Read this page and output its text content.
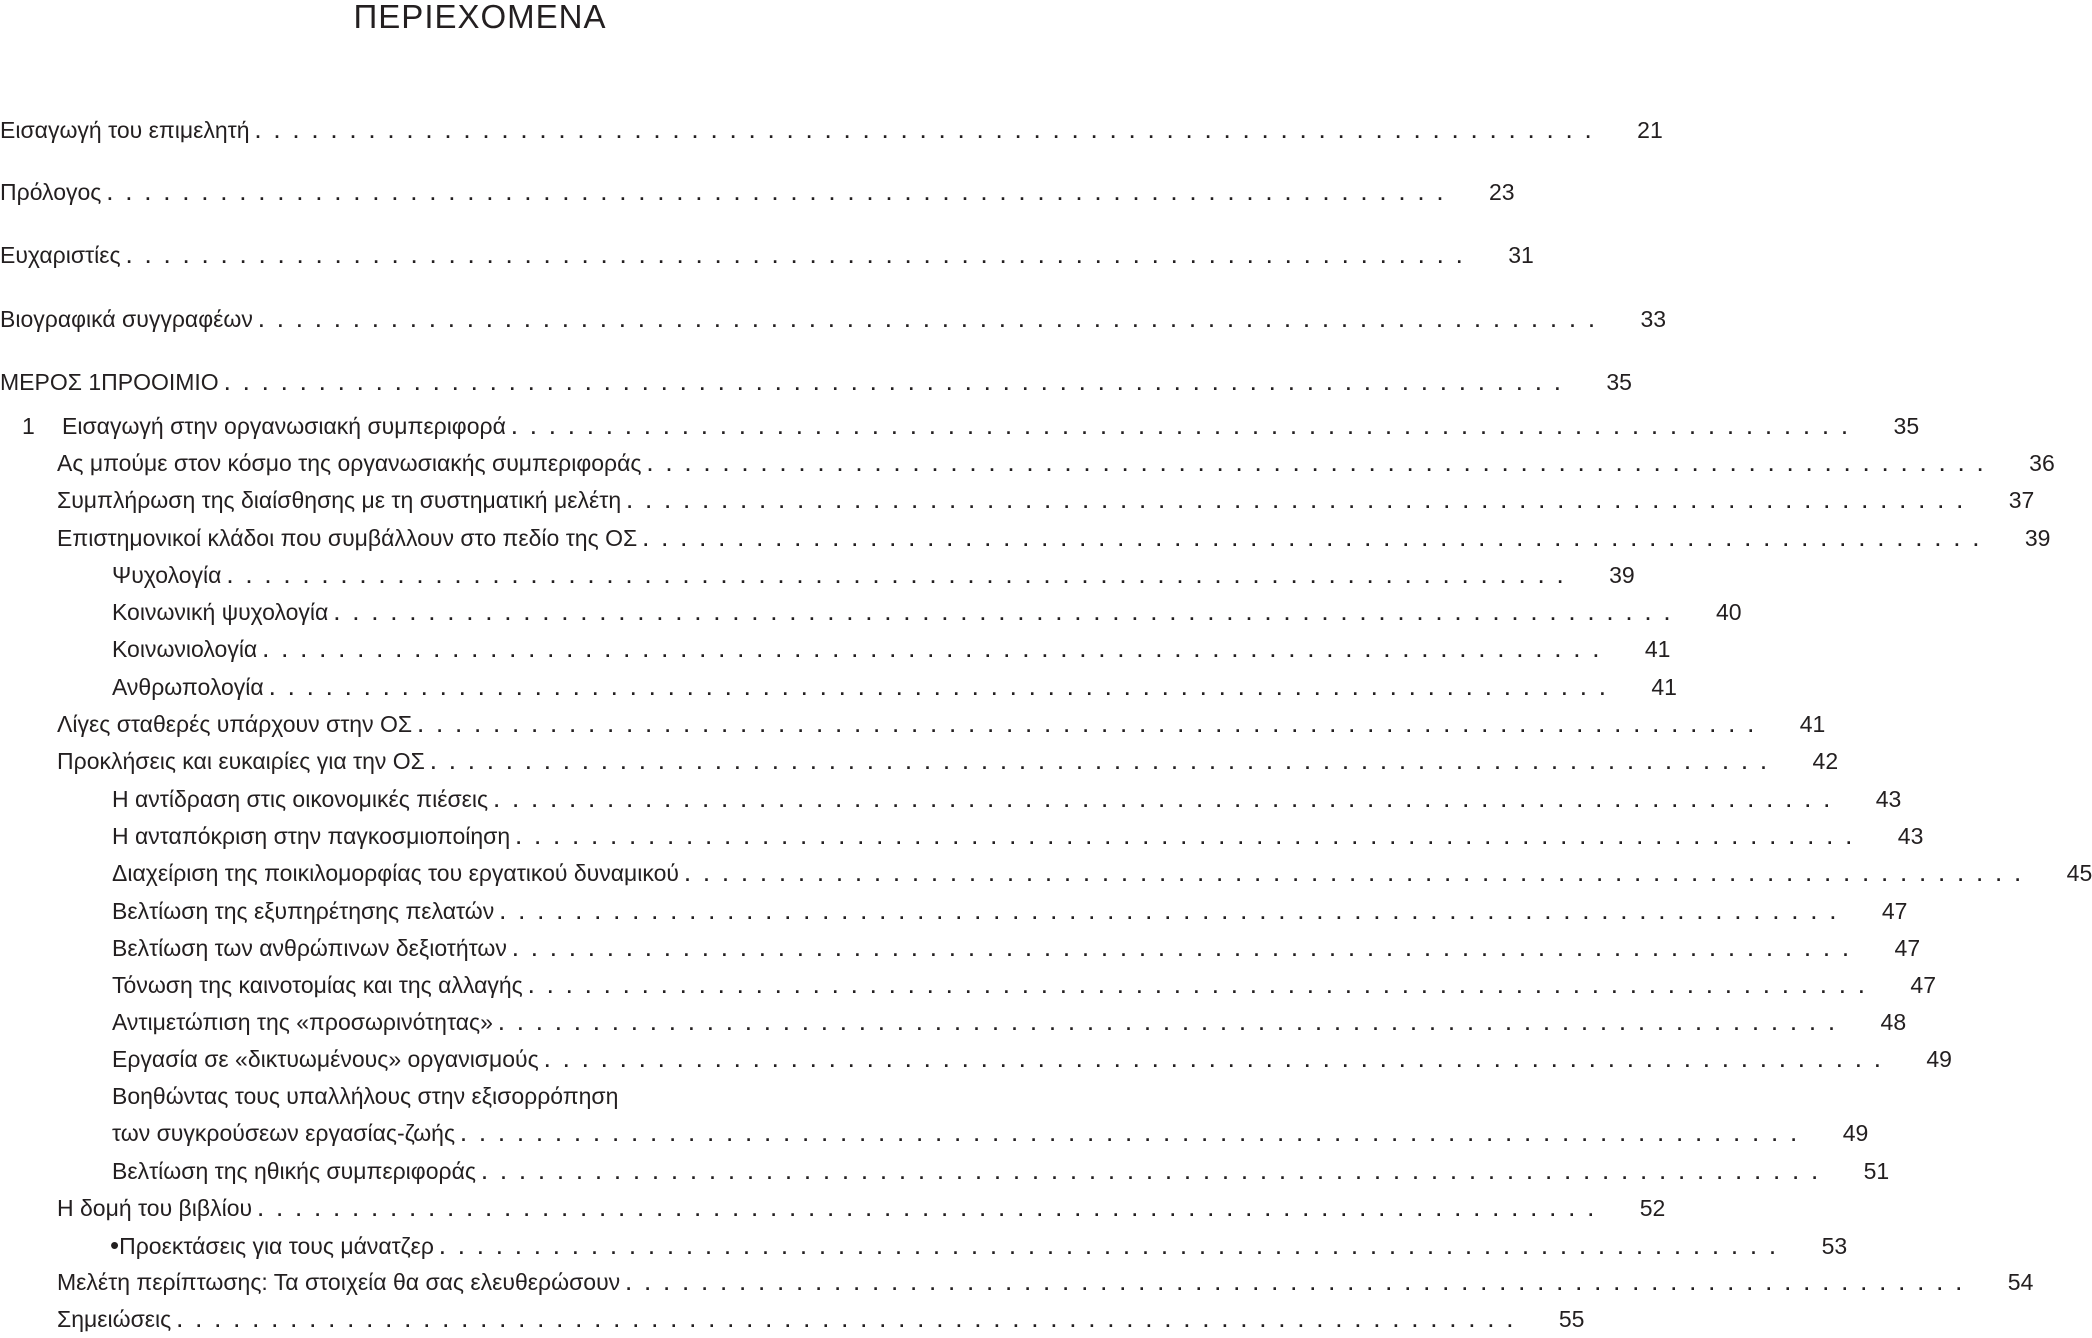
ΠΕΡΙΕΧΟΜΕΝΑ
Εισαγωγή του επιμελητή . . . . . . . . . . . . . . . . . . . . . . . . . . . . . . . . . . . . . . . . . . . . . . . . . . . . . . . . . . . . . . . . . . . . . . . 21
Πρόλογος . . . . . . . . . . . . . . . . . . . . . . . . . . . . . . . . . . . . . . . . . . . . . . . . . . . . . . . . . . . . . . . . . . . . . . . 23
Ευχαριστίες . . . . . . . . . . . . . . . . . . . . . . . . . . . . . . . . . . . . . . . . . . . . . . . . . . . . . . . . . . . . . . . . . . . . . . . 31
Βιογραφικά συγγραφέων . . . . . . . . . . . . . . . . . . . . . . . . . . . . . . . . . . . . . . . . . . . . . . . . . . . . . . . . . . . . . . . . . . . . . . . 33
ΜΕΡΟΣ 1 ΠΡΟΟΙΜΙΟ . . . . . . . . . . . . . . . . . . . . . . . . . . . . . . . . . . . . . . . . . . . . . . . . . . . . . . . . . . . . . . . . . . . . . . . 35
1	Εισαγωγή στην οργανωσιακή συμπεριφορά . . . . . . . . . . . . . . . . . . . . . . . . . . . . . . . . . . . . . . . . . . . . . . . . . . . . . . . . . . . . . . . . . . . . . . . 35
Ας μπούμε στον κόσμο της οργανωσιακής συμπεριφοράς . . . . . . . . . . . . . . . . . . . . . . . . . . . . . . . . . . . . . . . . . . . . . . . . . . . . . . . . . . . . . . . . . . . . . . . 36
Συμπλήρωση της διαίσθησης με τη συστηματική μελέτη . . . . . . . . . . . . . . . . . . . . . . . . . . . . . . . . . . . . . . . . . . . . . . . . . . . . . . . . . . . . . . . . . . . . . . . 37
Επιστημονικοί κλάδοι που συμβάλλουν στο πεδίο της ΟΣ . . . . . . . . . . . . . . . . . . . . . . . . . . . . . . . . . . . . . . . . . . . . . . . . . . . . . . . . . . . . . . . . . . . . . . . 39
Ψυχολογία . . . . . . . . . . . . . . . . . . . . . . . . . . . . . . . . . . . . . . . . . . . . . . . . . . . . . . . . . . . . . . . . . . . . . . . 39
Κοινωνική ψυχολογία . . . . . . . . . . . . . . . . . . . . . . . . . . . . . . . . . . . . . . . . . . . . . . . . . . . . . . . . . . . . . . . . . . . . . . . 40
Κοινωνιολογία . . . . . . . . . . . . . . . . . . . . . . . . . . . . . . . . . . . . . . . . . . . . . . . . . . . . . . . . . . . . . . . . . . . . . . . 41
Ανθρωπολογία . . . . . . . . . . . . . . . . . . . . . . . . . . . . . . . . . . . . . . . . . . . . . . . . . . . . . . . . . . . . . . . . . . . . . . . 41
Λίγες σταθερές υπάρχουν στην ΟΣ . . . . . . . . . . . . . . . . . . . . . . . . . . . . . . . . . . . . . . . . . . . . . . . . . . . . . . . . . . . . . . . . . . . . . . . 41
Προκλήσεις και ευκαιρίες για την ΟΣ . . . . . . . . . . . . . . . . . . . . . . . . . . . . . . . . . . . . . . . . . . . . . . . . . . . . . . . . . . . . . . . . . . . . . . . 42
Η αντίδραση στις οικονομικές πιέσεις . . . . . . . . . . . . . . . . . . . . . . . . . . . . . . . . . . . . . . . . . . . . . . . . . . . . . . . . . . . . . . . . . . . . . . . 43
Η ανταπόκριση στην παγκοσμιοποίηση . . . . . . . . . . . . . . . . . . . . . . . . . . . . . . . . . . . . . . . . . . . . . . . . . . . . . . . . . . . . . . . . . . . . . . . 43
Διαχείριση της ποικιλομορφίας του εργατικού δυναμικού . . . . . . . . . . . . . . . . . . . . . . . . . . . . . . . . . . . . . . . . . . . . . . . . . . . . . . . . . . . . . . . . . . . . . . . 45
Βελτίωση της εξυπηρέτησης πελατών . . . . . . . . . . . . . . . . . . . . . . . . . . . . . . . . . . . . . . . . . . . . . . . . . . . . . . . . . . . . . . . . . . . . . . . 47
Βελτίωση των ανθρώπινων δεξιοτήτων . . . . . . . . . . . . . . . . . . . . . . . . . . . . . . . . . . . . . . . . . . . . . . . . . . . . . . . . . . . . . . . . . . . . . . . 47
Τόνωση της καινοτομίας και της αλλαγής . . . . . . . . . . . . . . . . . . . . . . . . . . . . . . . . . . . . . . . . . . . . . . . . . . . . . . . . . . . . . . . . . . . . . . . 47
Αντιμετώπιση της «προσωρινότητας» . . . . . . . . . . . . . . . . . . . . . . . . . . . . . . . . . . . . . . . . . . . . . . . . . . . . . . . . . . . . . . . . . . . . . . . 48
Εργασία σε «δικτυωμένους» οργανισμούς . . . . . . . . . . . . . . . . . . . . . . . . . . . . . . . . . . . . . . . . . . . . . . . . . . . . . . . . . . . . . . . . . . . . . . . 49
Βοηθώντας τους υπαλλήλους στην εξισορρόπηση
των συγκρούσεων εργασίας-ζωής . . . . . . . . . . . . . . . . . . . . . . . . . . . . . . . . . . . . . . . . . . . . . . . . . . . . . . . . . . . . . . . . . . . . . . . 49
Βελτίωση της ηθικής συμπεριφοράς . . . . . . . . . . . . . . . . . . . . . . . . . . . . . . . . . . . . . . . . . . . . . . . . . . . . . . . . . . . . . . . . . . . . . . . 51
Η δομή του βιβλίου . . . . . . . . . . . . . . . . . . . . . . . . . . . . . . . . . . . . . . . . . . . . . . . . . . . . . . . . . . . . . . . . . . . . . . . 52
• Προεκτάσεις για τους μάνατζερ . . . . . . . . . . . . . . . . . . . . . . . . . . . . . . . . . . . . . . . . . . . . . . . . . . . . . . . . . . . . . . . . . . . . . . . 53
Μελέτη περίπτωσης: Τα στοιχεία θα σας ελευθερώσουν . . . . . . . . . . . . . . . . . . . . . . . . . . . . . . . . . . . . . . . . . . . . . . . . . . . . . . . . . . . . . . . . . . . . . . . 54
Σημειώσεις . . . . . . . . . . . . . . . . . . . . . . . . . . . . . . . . . . . . . . . . . . . . . . . . . . . . . . . . . . . . . . . . . . . . . . . 55
